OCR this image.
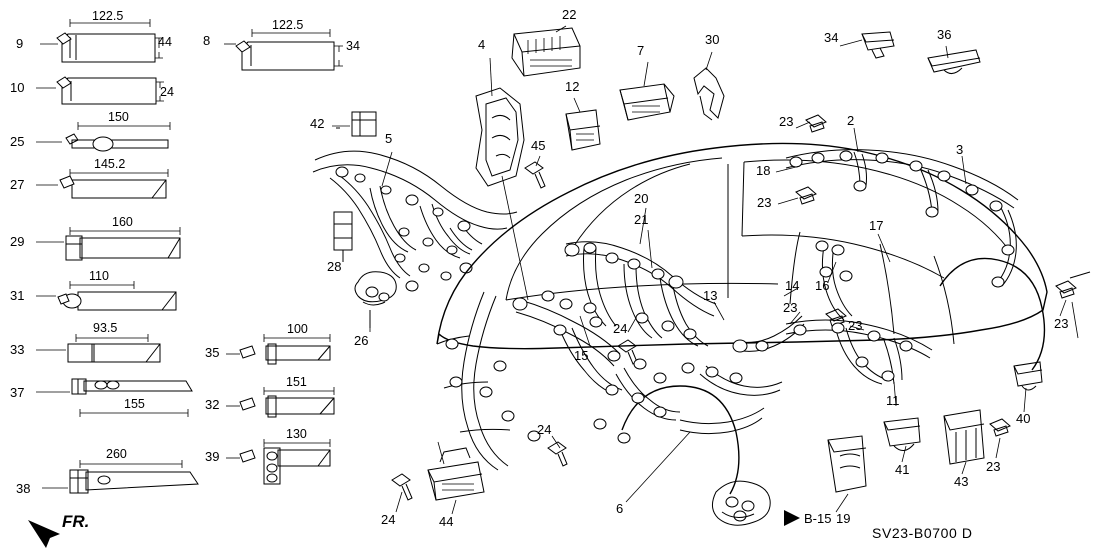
9
10
25
27
29
31
33
37
38
8
42
28
26
35
32
39
5
4
22
12
45
7
30
20
21
15
24
13
23
18
23
2
3
34	36
17
16
14
23
23	23
11
41
43
23
40
19
6
24
24	44
122.5
44
24
150
145.2
160
110
93.5
155
260
122.5
34
100
151
130
FR.	B-15
SV23-B0700 D
